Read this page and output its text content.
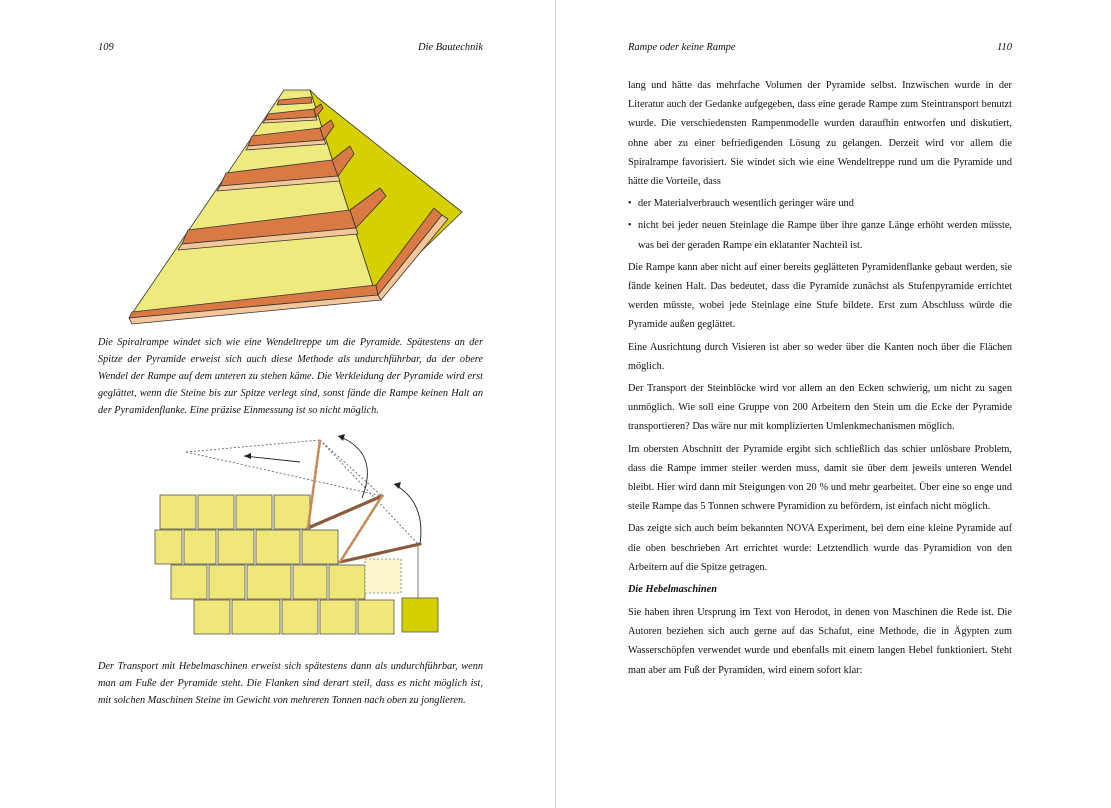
109	Die Bautechnik

Die Spiralrampe windet sich wie eine Wendeltreppe um die Pyramide. Spätestens an der Spitze der Pyramide erweist sich auch diese Methode als undurchführbar, da der obere Wendel der Rampe auf dem unteren zu stehen käme. Die Verkleidung der Pyramide wird erst geglättet, wenn die Steine bis zur Spitze verlegt sind, sonst fände die Rampe keinen Halt an der Pyramidenflanke. Eine präzise Einmessung ist so nicht möglich.

Der Transport mit Hebelmaschinen erweist sich spätestens dann als undurchführbar, wenn man am Fuße der Pyramide steht. Die Flanken sind derart steil, dass es nicht möglich ist, mit solchen Maschinen Steine im Gewicht von mehreren Tonnen nach oben zu jonglieren.

Rampe oder keine Rampe	110

lang und hätte das mehrfache Volumen der Pyramide selbst. Inzwischen wurde in der Literatur auch der Gedanke aufgegeben, dass eine gerade Rampe zum Steintransport benutzt wurde. Die verschiedensten Rampenmodelle wurden daraufhin entworfen und diskutiert, ohne aber zu einer befriedigenden Lösung zu gelangen. Derzeit wird vor allem die Spiralrampe favorisiert. Sie windet sich wie eine Wendeltreppe rund um die Pyramide und hätte die Vorteile, dass

• der Materialverbrauch wesentlich geringer wäre und
• nicht bei jeder neuen Steinlage die Rampe über ihre ganze Länge erhöht werden müsste, was bei der geraden Rampe ein eklatanter Nachteil ist.

Die Rampe kann aber nicht auf einer bereits geglätteten Pyramidenflanke gebaut werden, sie fände keinen Halt. Das bedeutet, dass die Pyramide zunächst als Stufenpyramide errichtet werden müsste, wobei jede Steinlage eine Stufe bildete. Erst zum Abschluss würde die Pyramide außen geglättet.

Eine Ausrichtung durch Visieren ist aber so weder über die Kanten noch über die Flächen möglich.

Der Transport der Steinblöcke wird vor allem an den Ecken schwierig, um nicht zu sagen unmöglich. Wie soll eine Gruppe von 200 Arbeitern den Stein um die Ecke der Pyramide transportieren? Das wäre nur mit komplizierten Umlenkmechanismen möglich.

Im obersten Abschnitt der Pyramide ergibt sich schließlich das schier unlösbare Problem, dass die Rampe immer steiler werden muss, damit sie über dem jeweils unteren Wendel bleibt. Hier wird dann mit Steigungen von 20 % und mehr gearbeitet. Über eine so enge und steile Rampe das 5 Tonnen schwere Pyramidion zu befördern, ist einfach nicht möglich.

Das zeigte sich auch beim bekannten NOVA Experiment, bei dem eine kleine Pyramide auf die oben beschrieben Art errichtet wurde: Letztendlich wurde das Pyramidion von den Arbeitern auf die Spitze getragen.

Die Hebelmaschinen

Sie haben ihren Ursprung im Text von Herodot, in denen von Maschinen die Rede ist. Die Autoren beziehen sich auch gerne auf das Schafut, eine Methode, die in Ägypten zum Wasserschöpfen verwendet wurde und ebenfalls mit einem langen Hebel funktioniert. Steht man aber am Fuß der Pyramiden, wird einem sofort klar:
